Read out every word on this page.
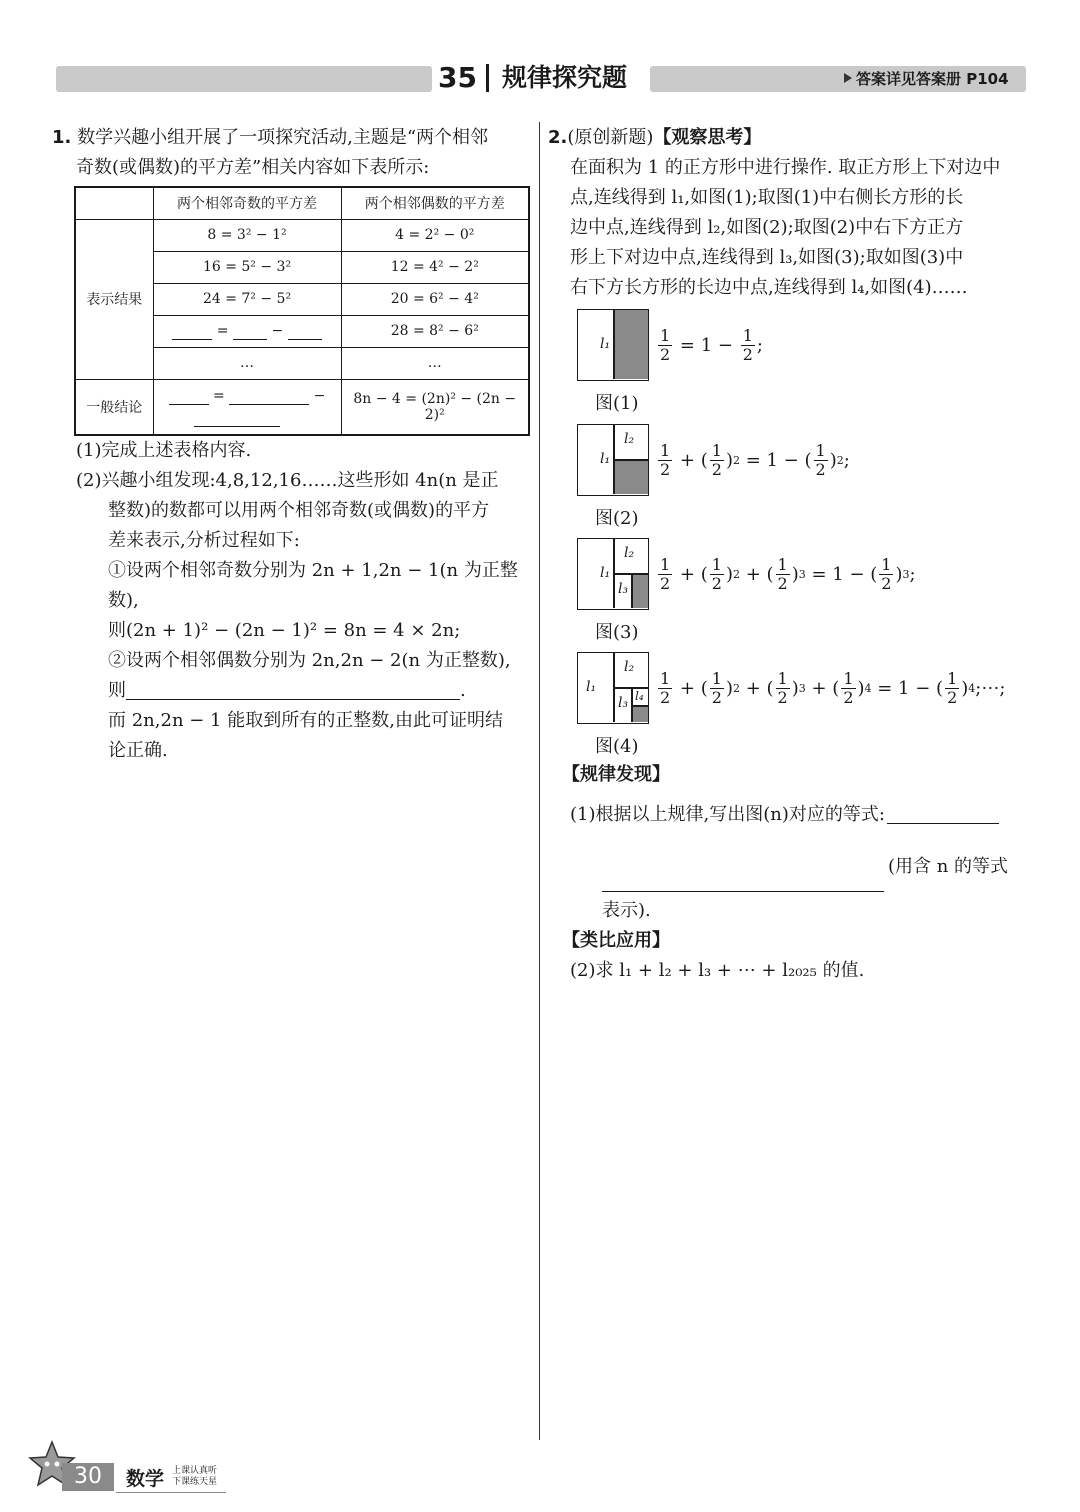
35 规律探究题	答案详见答案册 P104
1. 数学兴趣小组开展了一项探究活动,主题是“两个相邻
奇数(或偶数)的平方差”相关内容如下表所示:
	两个相邻奇数的平方差	两个相邻偶数的平方差
表示结果	8 = 3² − 1²	4 = 2² − 0²
	16 = 5² − 3²	12 = 4² − 2²
	24 = 7² − 5²	20 = 6² − 4²
	=  −	28 = 8² − 6²
	…	…
一般结论	= −	8n − 4 = (2n)² − (2n − 2)²
(1)完成上述表格内容.
(2)兴趣小组发现:4,8,12,16……这些形如 4n(n 是正
整数)的数都可以用两个相邻奇数(或偶数)的平方
差来表示,分析过程如下:
①设两个相邻奇数分别为 2n + 1,2n − 1(n 为正整
数),
则(2n + 1)² − (2n − 1)² = 8n = 4 × 2n;
②设两个相邻偶数分别为 2n,2n − 2(n 为正整数),
则	.
而 2n,2n − 1 能取到所有的正整数,由此可证明结
论正确.
2.(原创新题)【观察思考】
在面积为 1 的正方形中进行操作. 取正方形上下对边中
点,连线得到 l₁,如图(1);取图(1)中右侧长方形的长
边中点,连线得到 l₂,如图(2);取图(2)中右下方正方
形上下对边中点,连线得到 l₃,如图(3);取如图(3)中
右下方长方形的长边中点,连线得到 l₄,如图(4)……
l₁	$\frac{1}{2} = 1 - \frac{1}{2}$ ;
图(1)
l₁
l₂
$\frac{1}{2}$ + ( $\frac{1}{2}$ ) 2 = 1 − ( $\frac{1}{2}$ ) 2 ;
图(2)
l₁
l₂
$l_3 \frac{1}{2}$ + ( $\frac{1}{2}$ ) 2 + ( $\frac{1}{2}$ ) 3 = 1 − ( $\frac{1}{2}$ ) 3 ;
图(3)
l₁
l₂
l₃ $l_4 \frac{1}{2}$ + ( $\frac{1}{2}$ ) 2 + ( $\frac{1}{2}$ ) 3 + ( $\frac{1}{2}$ ) 4 = 1 − ( $\frac{1}{2}$ ) 4 ;⋯;
图(4)
【规律发现】
(1)根据以上规律,写出图(n)对应的等式:
(用含 n 的等式
表示).
【类比应用】
(2)求 l₁ + l₂ + l₃ + ⋯ + l₂₀₂₅ 的值.
30	数学 上课认真听
下课练天星
